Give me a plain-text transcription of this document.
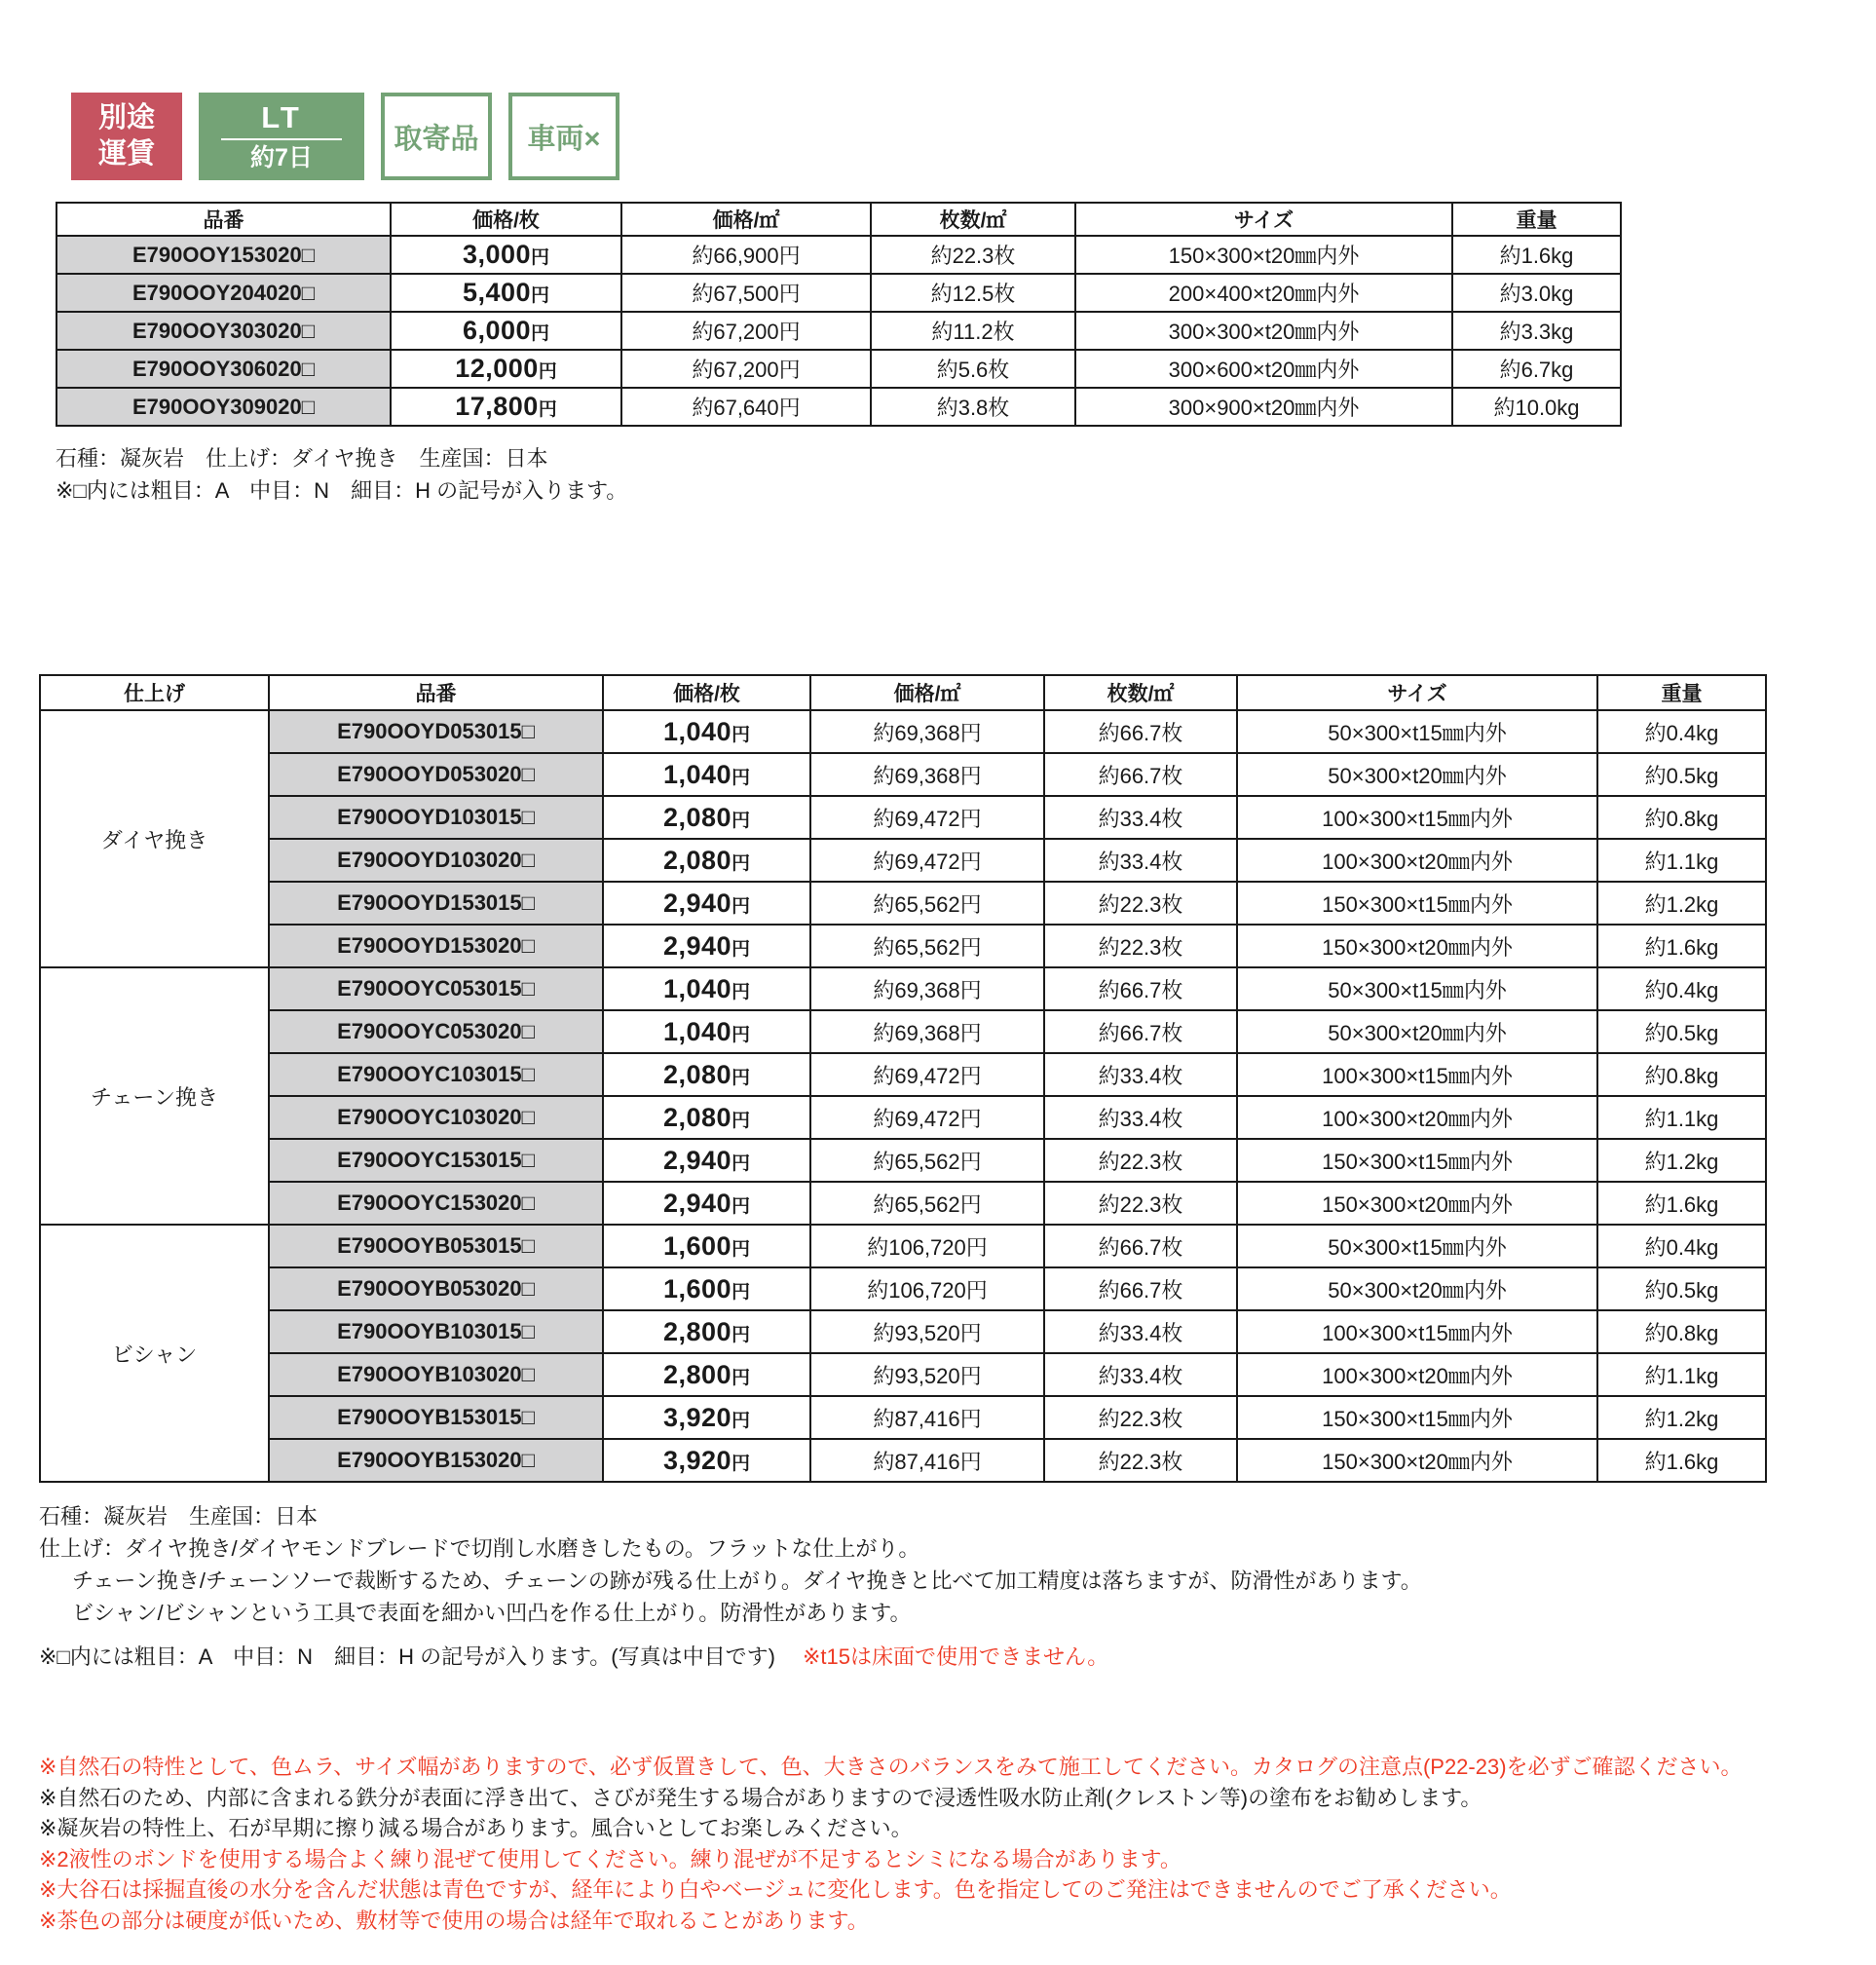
別途
運賃
LT
約7日
取寄品 車両×
品番	価格/枚	価格/㎡	枚数/㎡	サイズ	重量
E790OOY153020□	3,000円	約66,900円	約22.3枚	150×300×t20㎜内外	約1.6kg
E790OOY204020□	5,400円	約67,500円	約12.5枚	200×400×t20㎜内外	約3.0kg
E790OOY303020□	6,000円	約67,200円	約11.2枚	300×300×t20㎜内外	約3.3kg
E790OOY306020□	12,000円	約67,200円	約5.6枚	300×600×t20㎜内外	約6.7kg
E790OOY309020□	17,800円	約67,640円	約3.8枚	300×900×t20㎜内外	約10.0kg
石種：凝灰岩　仕上げ：ダイヤ挽き　生産国：日本
※□内には粗目：A　中目：N　細目：H の記号が入ります。
仕上げ	品番	価格/枚	価格/㎡	枚数/㎡	サイズ	重量
ダイヤ挽き	E790OOYD053015□	1,040円	約69,368円	約66.7枚	50×300×t15㎜内外	約0.4kg
	E790OOYD053020□	1,040円	約69,368円	約66.7枚	50×300×t20㎜内外	約0.5kg
	E790OOYD103015□	2,080円	約69,472円	約33.4枚	100×300×t15㎜内外	約0.8kg
	E790OOYD103020□	2,080円	約69,472円	約33.4枚	100×300×t20㎜内外	約1.1kg
	E790OOYD153015□	2,940円	約65,562円	約22.3枚	150×300×t15㎜内外	約1.2kg
	E790OOYD153020□	2,940円	約65,562円	約22.3枚	150×300×t20㎜内外	約1.6kg
チェーン挽き	E790OOYC053015□	1,040円	約69,368円	約66.7枚	50×300×t15㎜内外	約0.4kg
	E790OOYC053020□	1,040円	約69,368円	約66.7枚	50×300×t20㎜内外	約0.5kg
	E790OOYC103015□	2,080円	約69,472円	約33.4枚	100×300×t15㎜内外	約0.8kg
	E790OOYC103020□	2,080円	約69,472円	約33.4枚	100×300×t20㎜内外	約1.1kg
	E790OOYC153015□	2,940円	約65,562円	約22.3枚	150×300×t15㎜内外	約1.2kg
	E790OOYC153020□	2,940円	約65,562円	約22.3枚	150×300×t20㎜内外	約1.6kg
ビシャン	E790OOYB053015□	1,600円	約106,720円	約66.7枚	50×300×t15㎜内外	約0.4kg
	E790OOYB053020□	1,600円	約106,720円	約66.7枚	50×300×t20㎜内外	約0.5kg
	E790OOYB103015□	2,800円	約93,520円	約33.4枚	100×300×t15㎜内外	約0.8kg
	E790OOYB103020□	2,800円	約93,520円	約33.4枚	100×300×t20㎜内外	約1.1kg
	E790OOYB153015□	3,920円	約87,416円	約22.3枚	150×300×t15㎜内外	約1.2kg
	E790OOYB153020□	3,920円	約87,416円	約22.3枚	150×300×t20㎜内外	約1.6kg
石種：凝灰岩　生産国：日本
仕上げ：ダイヤ挽き/ダイヤモンドブレードで切削し水磨きしたもの。フラットな仕上がり。
チェーン挽き/チェーンソーで裁断するため、チェーンの跡が残る仕上がり。ダイヤ挽きと比べて加工精度は落ちますが、防滑性があります。
ビシャン/ビシャンという工具で表面を細かい凹凸を作る仕上がり。防滑性があります。
※□内には粗目：A　中目：N　細目：H の記号が入ります。(写真は中目です) ※t15は床面で使用できません。
※自然石の特性として、色ムラ、サイズ幅がありますので、必ず仮置きして、色、大きさのバランスをみて施工してください。カタログの注意点(P22-23)を必ずご確認ください。
※自然石のため、内部に含まれる鉄分が表面に浮き出て、さびが発生する場合がありますので浸透性吸水防止剤(クレストン等)の塗布をお勧めします。
※凝灰岩の特性上、石が早期に擦り減る場合があります。風合いとしてお楽しみください。
※2液性のボンドを使用する場合よく練り混ぜて使用してください。練り混ぜが不足するとシミになる場合があります。
※大谷石は採掘直後の水分を含んだ状態は青色ですが、経年により白やベージュに変化します。色を指定してのご発注はできませんのでご了承ください。
※茶色の部分は硬度が低いため、敷材等で使用の場合は経年で取れることがあります。
